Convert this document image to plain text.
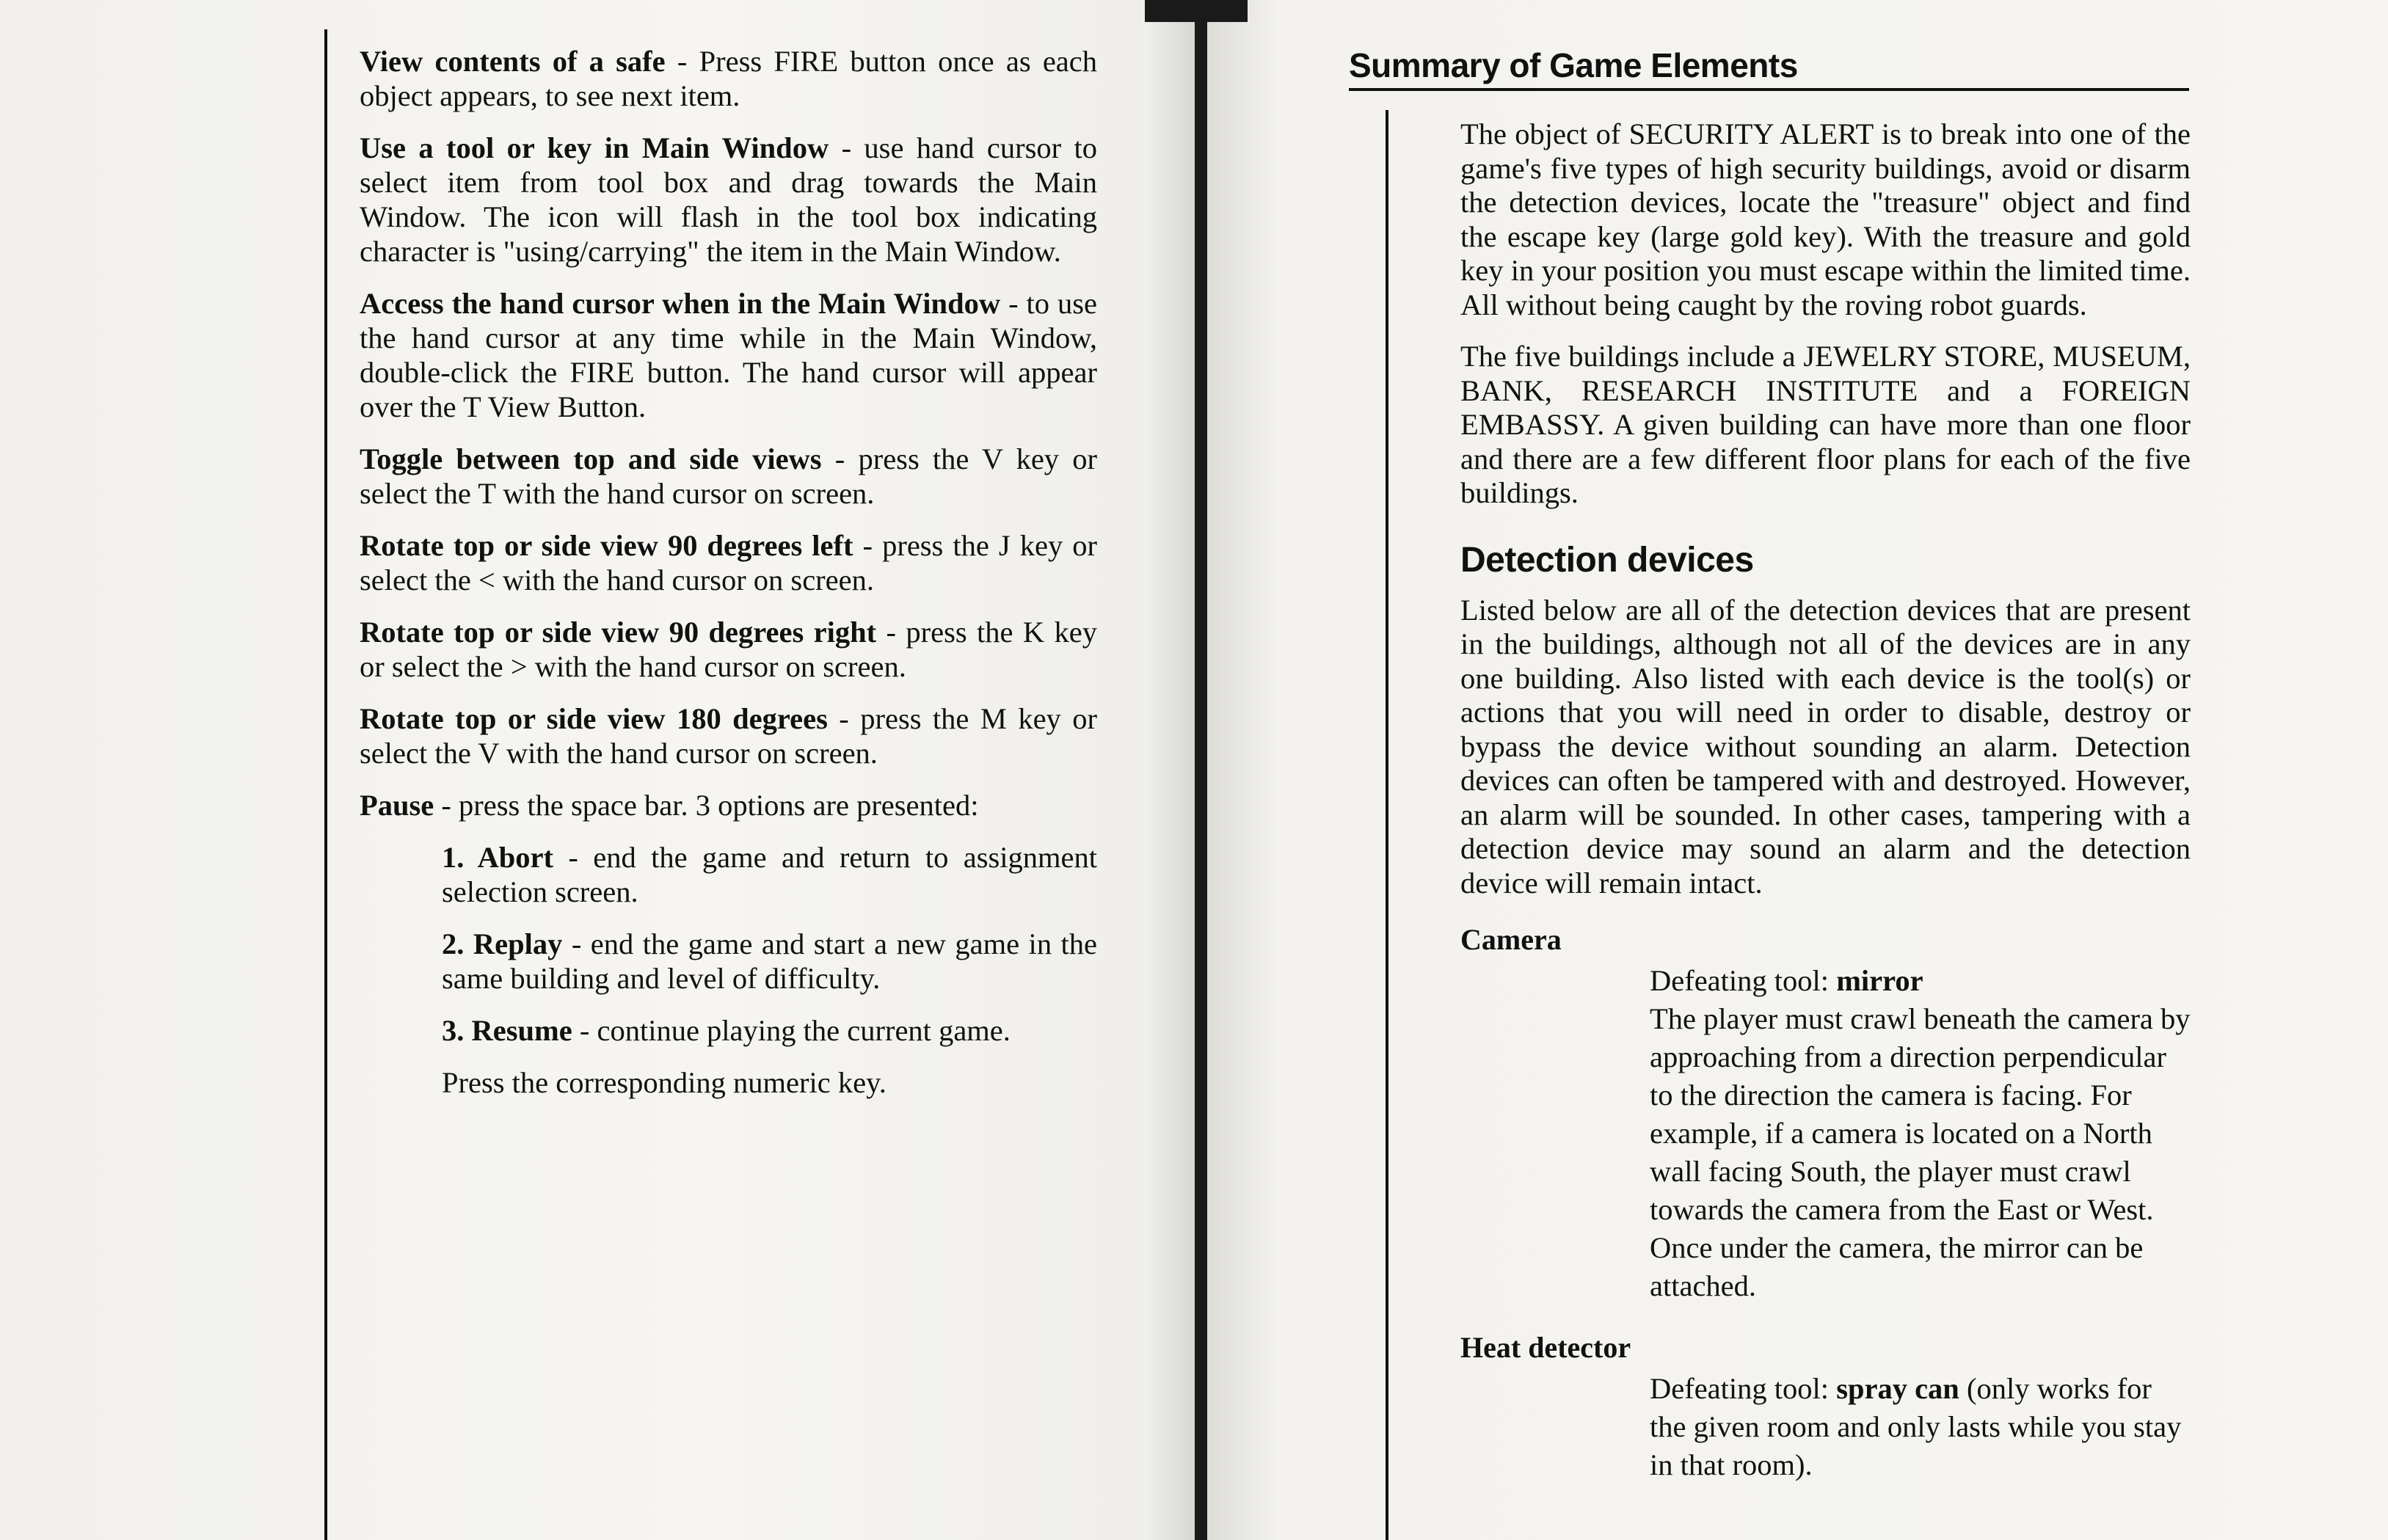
View contents of a safe - Press FIRE button once as each object appears, to see next item.

Use a tool or key in Main Window - use hand cursor to select item from tool box and drag towards the Main Window. The icon will flash in the tool box indicating character is "using/carrying" the item in the Main Window.

Access the hand cursor when in the Main Window - to use the hand cursor at any time while in the Main Window, double-click the FIRE button. The hand cursor will appear over the T View Button.

Toggle between top and side views - press the V key or select the T with the hand cursor on screen.

Rotate top or side view 90 degrees left - press the J key or select the < with the hand cursor on screen.

Rotate top or side view 90 degrees right - press the K key or select the > with the hand cursor on screen.

Rotate top or side view 180 degrees - press the M key or select the V with the hand cursor on screen.

Pause - press the space bar. 3 options are presented:

1. Abort - end the game and return to assignment selection screen.

2. Replay - end the game and start a new game in the same building and level of difficulty.

3. Resume - continue playing the current game.

Press the corresponding numeric key.

Summary of Game Elements

The object of SECURITY ALERT is to break into one of the game's five types of high security buildings, avoid or disarm the detection devices, locate the "treasure" object and find the escape key (large gold key). With the treasure and gold key in your position you must escape within the limited time. All without being caught by the roving robot guards.

The five buildings include a JEWELRY STORE, MUSEUM, BANK, RESEARCH INSTITUTE and a FOREIGN EMBASSY. A given building can have more than one floor and there are a few different floor plans for each of the five buildings.

Detection devices

Listed below are all of the detection devices that are present in the buildings, although not all of the devices are in any one building. Also listed with each device is the tool(s) or actions that you will need in order to disable, destroy or bypass the device without sounding an alarm. Detection devices can often be tampered with and destroyed. However, an alarm will be sounded. In other cases, tampering with a detection device may sound an alarm and the detection device will remain intact.

Camera

Defeating tool: mirror

The player must crawl beneath the camera by approaching from a direction perpendicular to the direction the camera is facing. For example, if a camera is located on a North wall facing South, the player must crawl towards the camera from the East or West. Once under the camera, the mirror can be attached.

Heat detector

Defeating tool: spray can (only works for the given room and only lasts while you stay in that room).
